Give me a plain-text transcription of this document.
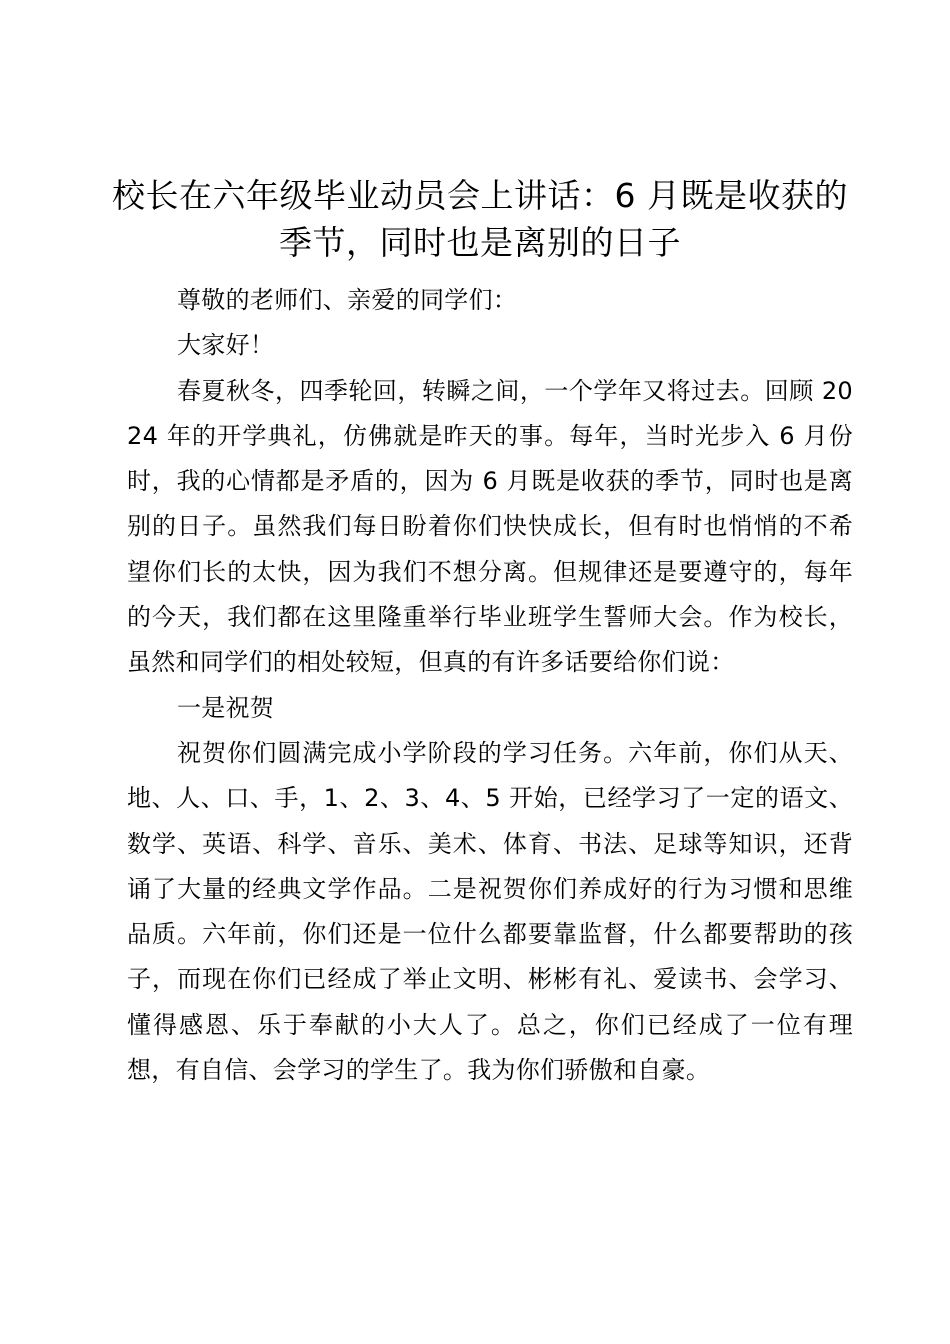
校长在六年级毕业动员会上讲话：6 月既是收获的季节，同时也是离别的日子

尊敬的老师们、亲爱的同学们：

大家好！

春夏秋冬，四季轮回，转瞬之间，一个学年又将过去。回顾 2024 年的开学典礼，仿佛就是昨天的事。每年，当时光步入 6 月份时，我的心情都是矛盾的，因为 6 月既是收获的季节，同时也是离别的日子。虽然我们每日盼着你们快快成长，但有时也悄悄的不希望你们长的太快，因为我们不想分离。但规律还是要遵守的，每年的今天，我们都在这里隆重举行毕业班学生誓师大会。作为校长，虽然和同学们的相处较短，但真的有许多话要给你们说：

一是祝贺

祝贺你们圆满完成小学阶段的学习任务。六年前，你们从天、地、人、口、手，1、2、3、4、5 开始，已经学习了一定的语文、数学、英语、科学、音乐、美术、体育、书法、足球等知识，还背诵了大量的经典文学作品。二是祝贺你们养成好的行为习惯和思维品质。六年前，你们还是一位什么都要靠监督，什么都要帮助的孩子，而现在你们已经成了举止文明、彬彬有礼、爱读书、会学习、懂得感恩、乐于奉献的小大人了。总之，你们已经成了一位有理想，有自信、会学习的学生了。我为你们骄傲和自豪。
